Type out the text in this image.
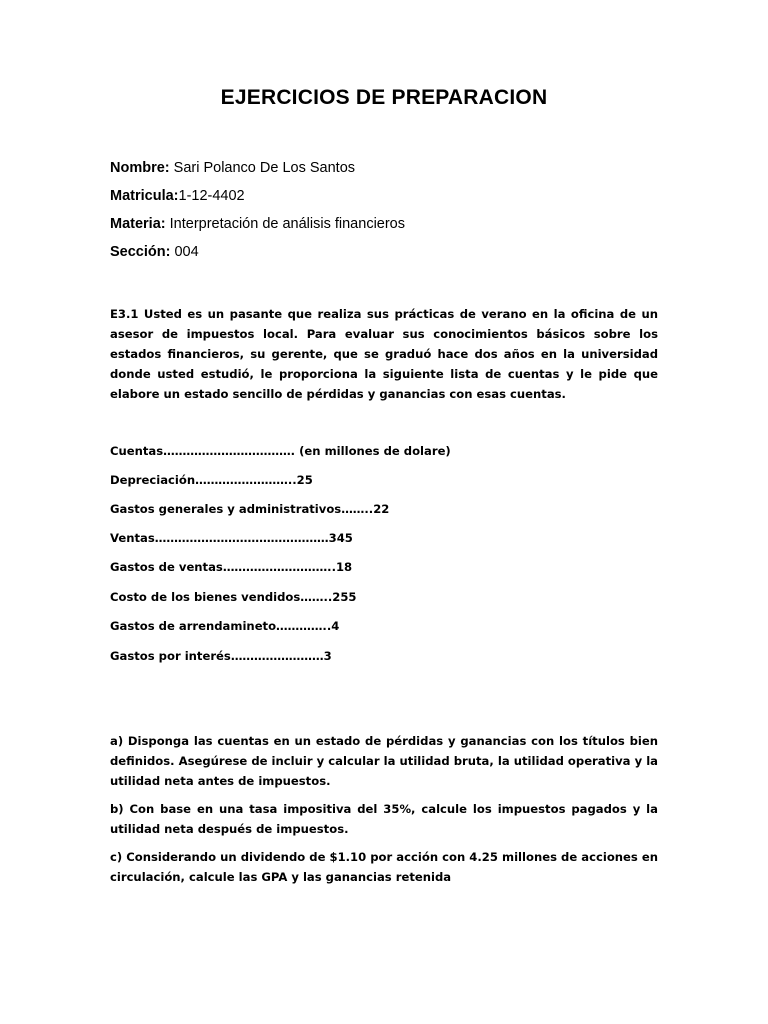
EJERCICIOS DE PREPARACION
Nombre: Sari Polanco De Los Santos
Matricula:1-12-4402
Materia: Interpretación de análisis financieros
Sección: 004
E3.1 Usted es un pasante que realiza sus prácticas de verano en la oficina de un asesor de impuestos local. Para evaluar sus conocimientos básicos sobre los estados financieros, su gerente, que se graduó hace dos años en la universidad donde usted estudió, le proporciona la siguiente lista de cuentas y le pide que elabore un estado sencillo de pérdidas y ganancias con esas cuentas.
Cuentas……………………………. (en millones de dolare)
Depreciación……………………..25
Gastos generales y administrativos……..22
Ventas………………………………………345
Gastos de ventas………………………..18
Costo de los bienes vendidos……..255
Gastos de arrendamineto…………..4
Gastos por interés……………………3
a) Disponga las cuentas en un estado de pérdidas y ganancias con los títulos bien definidos. Asegúrese de incluir y calcular la utilidad bruta, la utilidad operativa y la utilidad neta antes de impuestos.
b) Con base en una tasa impositiva del 35%, calcule los impuestos pagados y la utilidad neta después de impuestos.
c) Considerando un dividendo de $1.10 por acción con 4.25 millones de acciones en circulación, calcule las GPA y las ganancias retenida
